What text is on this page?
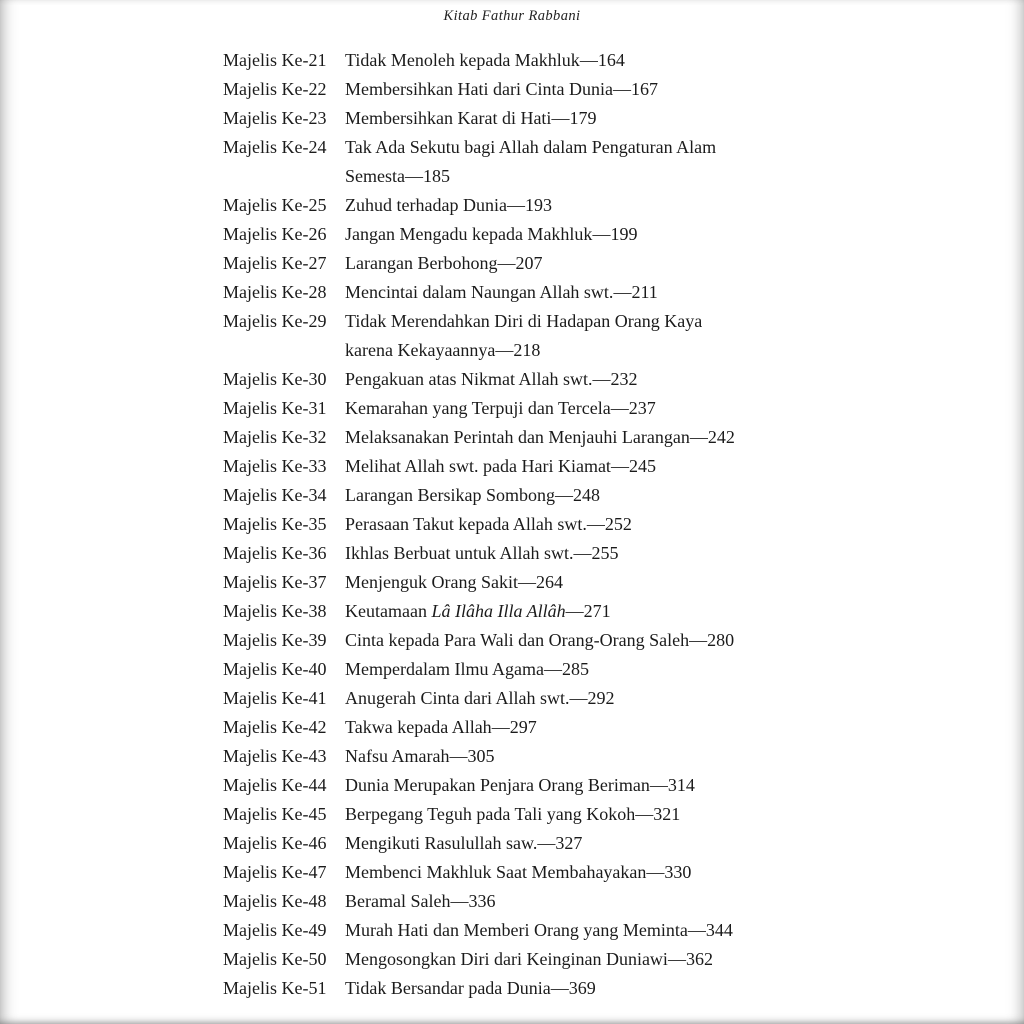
Kitab Fathur Rabbani
Majelis Ke-21	Tidak Menoleh kepada Makhluk—164
Majelis Ke-22	Membersihkan Hati dari Cinta Dunia—167
Majelis Ke-23	Membersihkan Karat di Hati—179
Majelis Ke-24	Tak Ada Sekutu bagi Allah dalam Pengaturan Alam
Semesta—185
Majelis Ke-25	Zuhud terhadap Dunia—193
Majelis Ke-26	Jangan Mengadu kepada Makhluk—199
Majelis Ke-27	Larangan Berbohong—207
Majelis Ke-28	Mencintai dalam Naungan Allah swt.—211
Majelis Ke-29	Tidak Merendahkan Diri di Hadapan Orang Kaya
karena Kekayaannya—218
Majelis Ke-30	Pengakuan atas Nikmat Allah swt.—232
Majelis Ke-31	Kemarahan yang Terpuji dan Tercela—237
Majelis Ke-32	Melaksanakan Perintah dan Menjauhi Larangan—242
Majelis Ke-33	Melihat Allah swt. pada Hari Kiamat—245
Majelis Ke-34	Larangan Bersikap Sombong—248
Majelis Ke-35	Perasaan Takut kepada Allah swt.—252
Majelis Ke-36	Ikhlas Berbuat untuk Allah swt.—255
Majelis Ke-37	Menjenguk Orang Sakit—264
Majelis Ke-38	Keutamaan Lâ Ilâha Illa Allâh—271
Majelis Ke-39	Cinta kepada Para Wali dan Orang-Orang Saleh—280
Majelis Ke-40	Memperdalam Ilmu Agama—285
Majelis Ke-41	Anugerah Cinta dari Allah swt.—292
Majelis Ke-42	Takwa kepada Allah—297
Majelis Ke-43	Nafsu Amarah—305
Majelis Ke-44	Dunia Merupakan Penjara Orang Beriman—314
Majelis Ke-45	Berpegang Teguh pada Tali yang Kokoh—321
Majelis Ke-46	Mengikuti Rasulullah saw.—327
Majelis Ke-47	Membenci Makhluk Saat Membahayakan—330
Majelis Ke-48	Beramal Saleh—336
Majelis Ke-49	Murah Hati dan Memberi Orang yang Meminta—344
Majelis Ke-50	Mengosongkan Diri dari Keinginan Duniawi—362
Majelis Ke-51	Tidak Bersandar pada Dunia—369
